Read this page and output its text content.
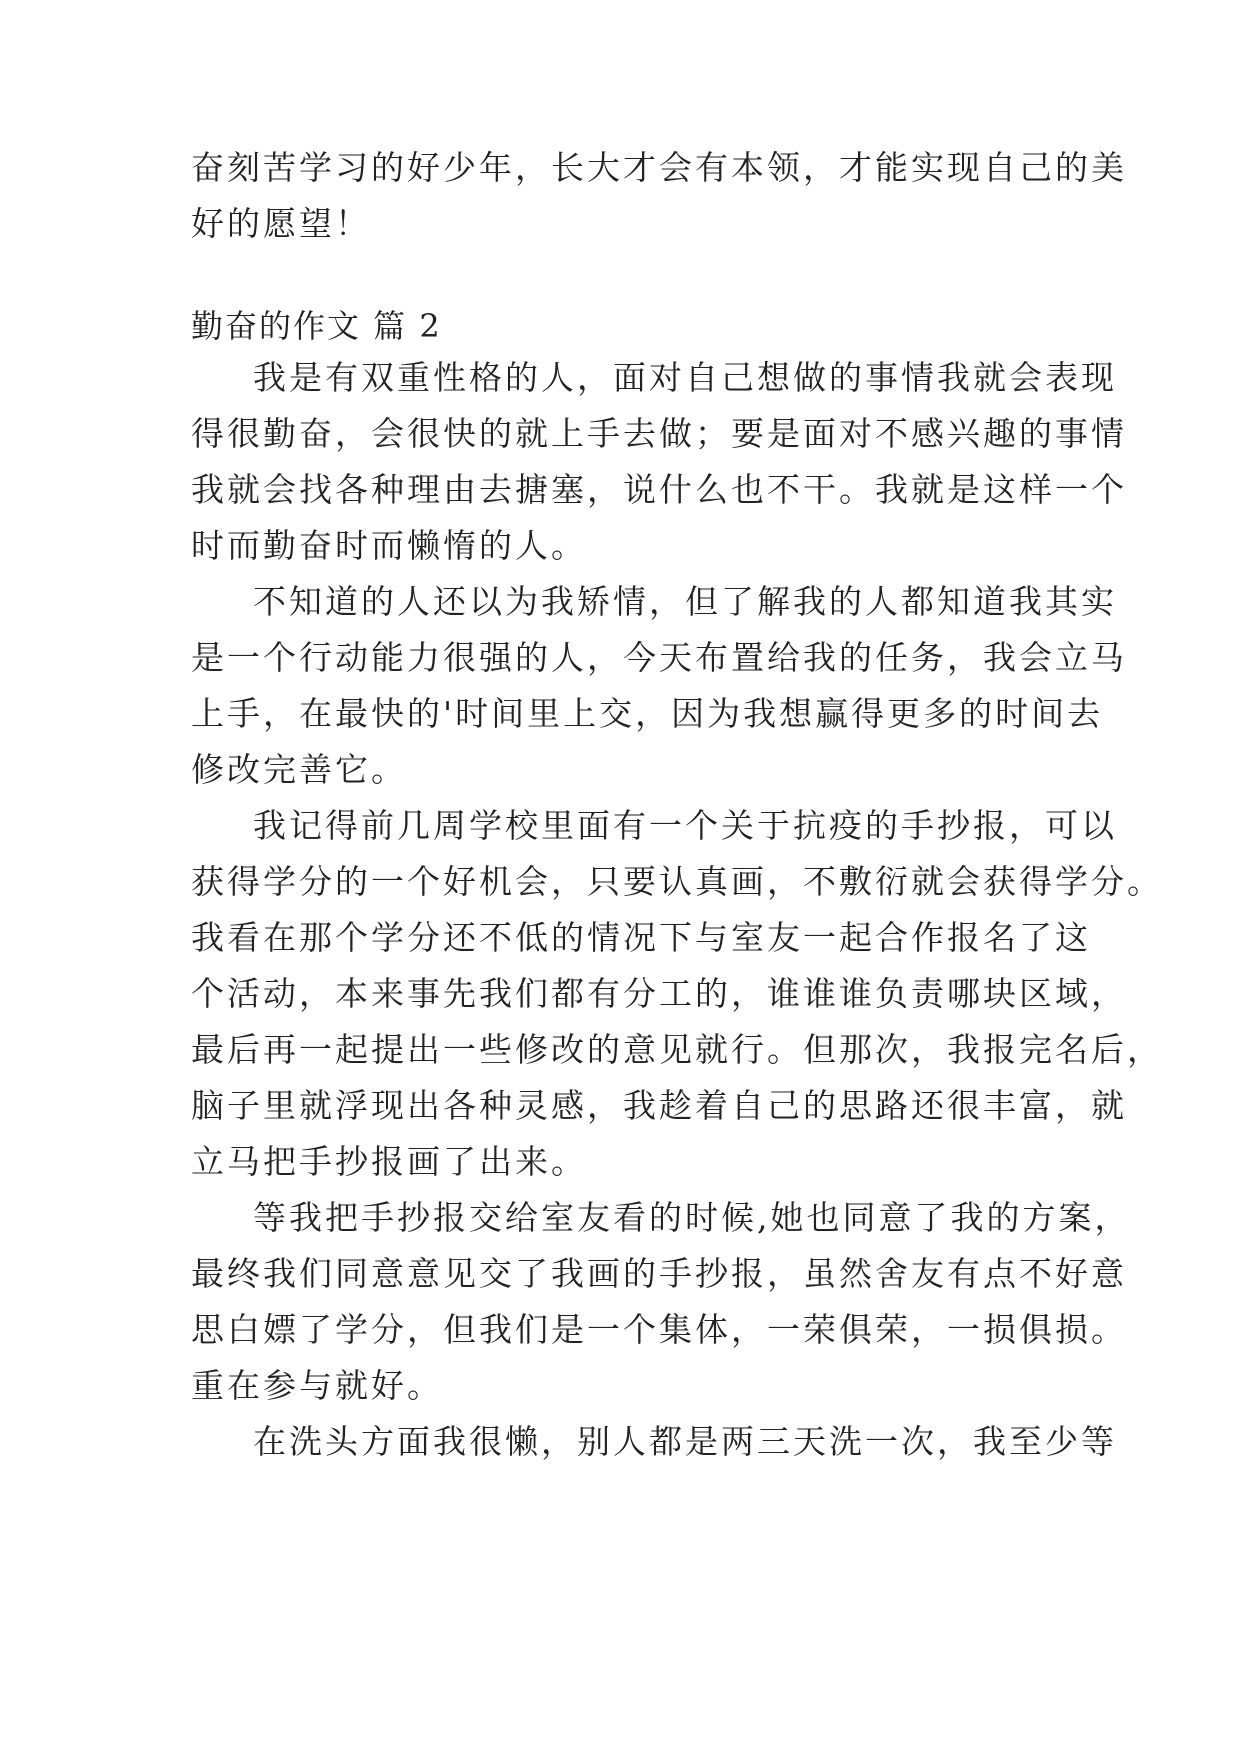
奋刻苦学习的好少年，长大才会有本领，才能实现自己的美
好的愿望！
勤奋的作文 篇 2
我是有双重性格的人，面对自己想做的事情我就会表现
得很勤奋，会很快的就上手去做；要是面对不感兴趣的事情
我就会找各种理由去搪塞，说什么也不干。我就是这样一个
时而勤奋时而懒惰的人。
不知道的人还以为我矫情，但了解我的人都知道我其实
是一个行动能力很强的人，今天布置给我的任务，我会立马
上手，在最快的'时间里上交，因为我想赢得更多的时间去
修改完善它。
我记得前几周学校里面有一个关于抗疫的手抄报，可以
获得学分的一个好机会，只要认真画，不敷衍就会获得学分。
我看在那个学分还不低的情况下与室友一起合作报名了这
个活动，本来事先我们都有分工的，谁谁谁负责哪块区域，
最后再一起提出一些修改的意见就行。但那次，我报完名后，
脑子里就浮现出各种灵感，我趁着自己的思路还很丰富，就
立马把手抄报画了出来。
等我把手抄报交给室友看的时候,她也同意了我的方案，
最终我们同意意见交了我画的手抄报，虽然舍友有点不好意
思白嫖了学分，但我们是一个集体，一荣俱荣，一损俱损。
重在参与就好。
在洗头方面我很懒，别人都是两三天洗一次，我至少等
